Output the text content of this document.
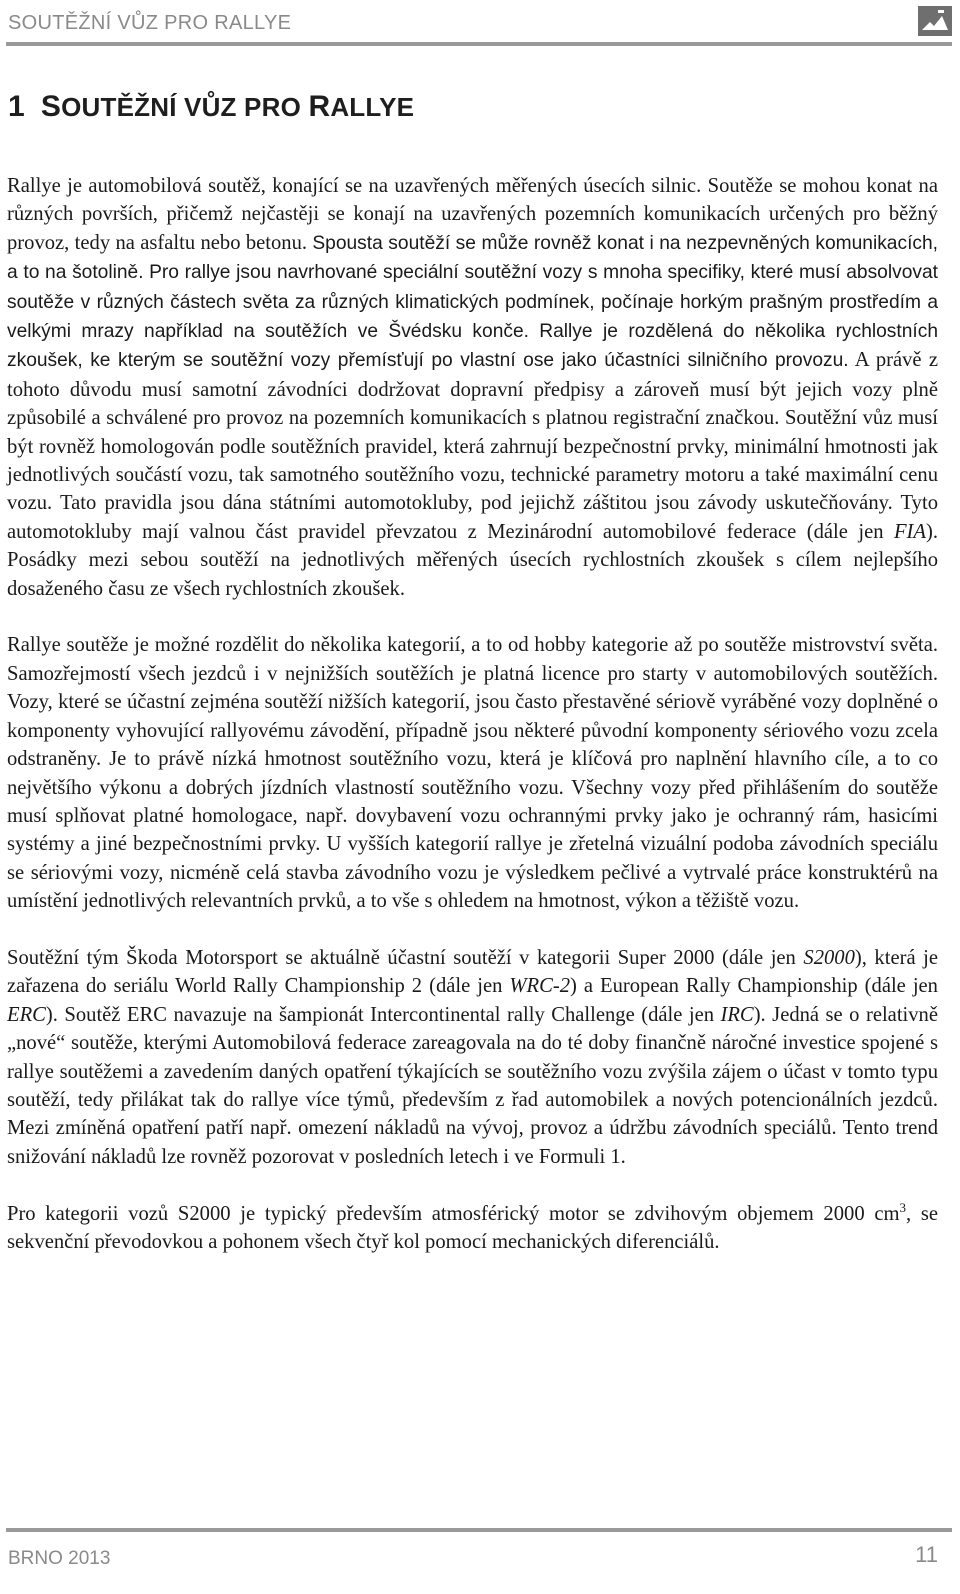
SOUTĚŽNÍ VŮZ PRO RALLYE
1 SOUTĚŽNÍ VŮZ PRO RALLYE

Rallye je automobilová soutěž, konající se na uzavřených měřených úsecích silnic. Soutěže se mohou konat na různých površích, přičemž nejčastěji se konají na uzavřených pozemních komunikacích určených pro běžný provoz, tedy na asfaltu nebo betonu. Spousta soutěží se může rovněž konat i na nezpevněných komunikacích, a to na šotolině. Pro rallye jsou navrhované speciální soutěžní vozy s mnoha specifiky, které musí absolvovat soutěže v různých částech světa za různých klimatických podmínek, počínaje horkým prašným prostředím a velkými mrazy například na soutěžích ve Švédsku konče. Rallye je rozdělená do několika rychlostních zkoušek, ke kterým se soutěžní vozy přemísťují po vlastní ose jako účastníci silničního provozu. A právě z tohoto důvodu musí samotní závodníci dodržovat dopravní předpisy a zároveň musí být jejich vozy plně způsobilé a schválené pro provoz na pozemních komunikacích s platnou registrační značkou. Soutěžní vůz musí být rovněž homologován podle soutěžních pravidel, která zahrnují bezpečnostní prvky, minimální hmotnosti jak jednotlivých součástí vozu, tak samotného soutěžního vozu, technické parametry motoru a také maximální cenu vozu. Tato pravidla jsou dána státními automotokluby, pod jejichž záštitou jsou závody uskutečňovány. Tyto automotokluby mají valnou část pravidel převzatou z Mezinárodní automobilové federace (dále jen FIA). Posádky mezi sebou soutěží na jednotlivých měřených úsecích rychlostních zkoušek s cílem nejlepšího dosaženého času ze všech rychlostních zkoušek.

Rallye soutěže je možné rozdělit do několika kategorií, a to od hobby kategorie až po soutěže mistrovství světa. Samozřejmostí všech jezdců i v nejnižších soutěžích je platná licence pro starty v automobilových soutěžích. Vozy, které se účastní zejména soutěží nižších kategorií, jsou často přestavěné sériově vyráběné vozy doplněné o komponenty vyhovující rallyovému závodění, případně jsou některé původní komponenty sériového vozu zcela odstraněny. Je to právě nízká hmotnost soutěžního vozu, která je klíčová pro naplnění hlavního cíle, a to co největšího výkonu a dobrých jízdních vlastností soutěžního vozu. Všechny vozy před přihlášením do soutěže musí splňovat platné homologace, např. dovybavení vozu ochrannými prvky jako je ochranný rám, hasicími systémy a jiné bezpečnostními prvky. U vyšších kategorií rallye je zřetelná vizuální podoba závodních speciálu se sériovými vozy, nicméně celá stavba závodního vozu je výsledkem pečlivé a vytrvalé práce konstruktérů na umístění jednotlivých relevantních prvků, a to vše s ohledem na hmotnost, výkon a těžiště vozu.

Soutěžní tým Škoda Motorsport se aktuálně účastní soutěží v kategorii Super 2000 (dále jen S2000), která je zařazena do seriálu World Rally Championship 2 (dále jen WRC-2) a European Rally Championship (dále jen ERC). Soutěž ERC navazuje na šampionát Intercontinental rally Challenge (dále jen IRC). Jedná se o relativně „nové“ soutěže, kterými Automobilová federace zareagovala na do té doby finančně náročné investice spojené s rallye soutěžemi a zavedením daných opatření týkajících se soutěžního vozu zvýšila zájem o účast v tomto typu soutěží, tedy přilákat tak do rallye více týmů, především z řad automobilek a nových potencionálních jezdců. Mezi zmíněná opatření patří např. omezení nákladů na vývoj, provoz a údržbu závodních speciálů. Tento trend snižování nákladů lze rovněž pozorovat v posledních letech i ve Formuli 1.

Pro kategorii vozů S2000 je typický především atmosférický motor se zdvihovým objemem 2000 $cm^3$, se sekvenční převodovkou a pohonem všech čtyř kol pomocí mechanických diferenciálů.

BRNO 2013	11
